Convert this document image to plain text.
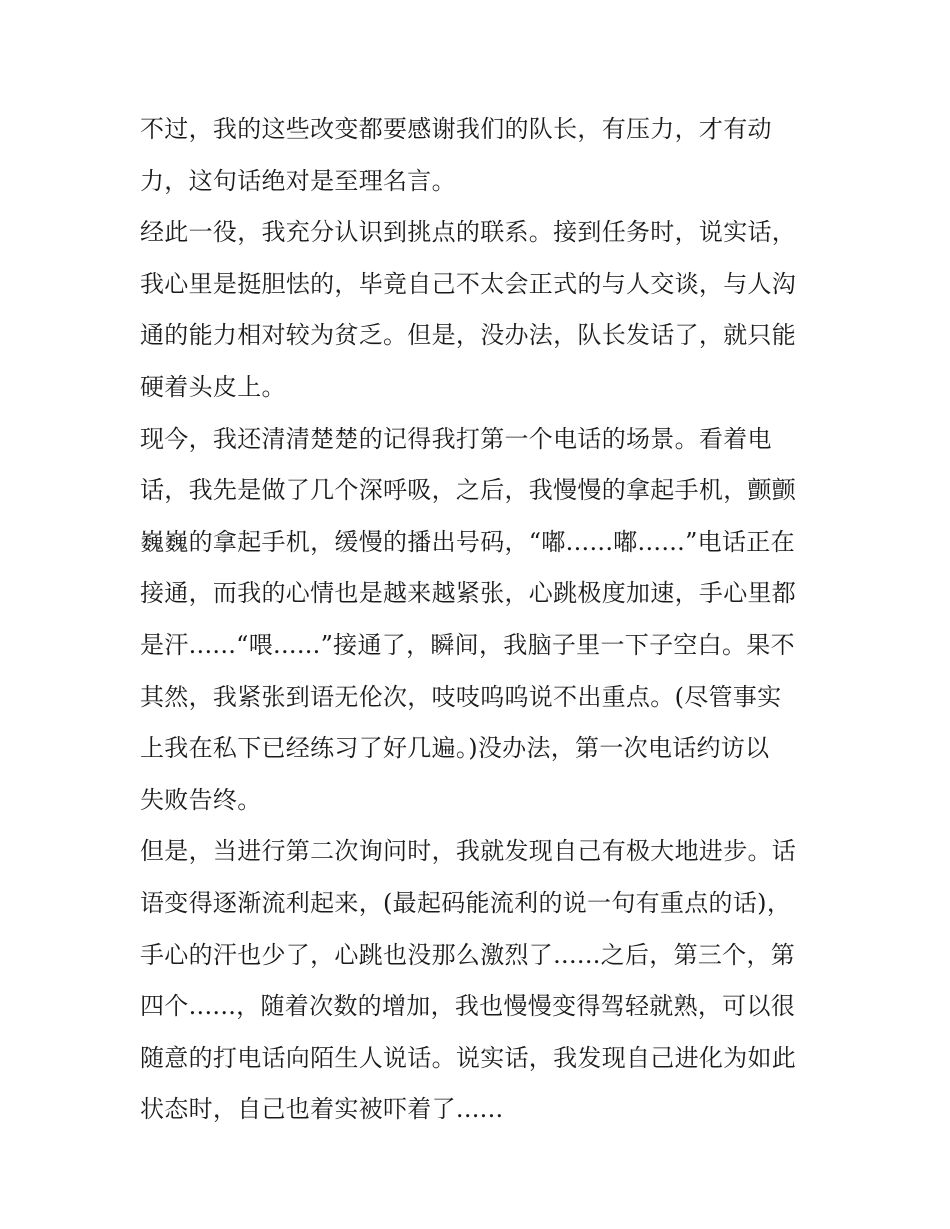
不过，我的这些改变都要感谢我们的队长，有压力，才有动
力，这句话绝对是至理名言。
经此一役，我充分认识到挑点的联系。接到任务时，说实话，
我心里是挺胆怯的，毕竟自己不太会正式的与人交谈，与人沟
通的能力相对较为贫乏。但是，没办法，队长发话了，就只能
硬着头皮上。
现今，我还清清楚楚的记得我打第一个电话的场景。看着电
话，我先是做了几个深呼吸，之后，我慢慢的拿起手机，颤颤
巍巍的拿起手机，缓慢的播出号码，“嘟......嘟......”电话正在
接通，而我的心情也是越来越紧张，心跳极度加速，手心里都
是汗......“喂......”接通了，瞬间，我脑子里一下子空白。果不
其然，我紧张到语无伦次，吱吱呜呜说不出重点。(尽管事实
上我在私下已经练习了好几遍。)没办法，第一次电话约访以
失败告终。
但是，当进行第二次询问时，我就发现自己有极大地进步。话
语变得逐渐流利起来，(最起码能流利的说一句有重点的话)，
手心的汗也少了，心跳也没那么激烈了......之后，第三个，第
四个......，随着次数的增加，我也慢慢变得驾轻就熟，可以很
随意的打电话向陌生人说话。说实话，我发现自己进化为如此
状态时，自己也着实被吓着了......
